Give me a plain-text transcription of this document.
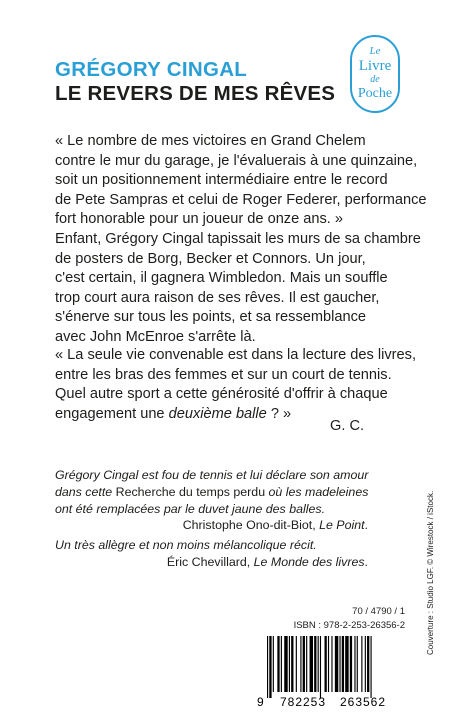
GRÉGORY CINGAL
LE REVERS DE MES RÊVES
Le
Livre
de
Poche
« Le nombre de mes victoires en Grand Chelem
contre le mur du garage, je l'évaluerais à une quinzaine,
soit un positionnement intermédiaire entre le record
de Pete Sampras et celui de Roger Federer, performance
fort honorable pour un joueur de onze ans. »
Enfant, Grégory Cingal tapissait les murs de sa chambre
de posters de Borg, Becker et Connors. Un jour,
c'est certain, il gagnera Wimbledon. Mais un souffle
trop court aura raison de ses rêves. Il est gaucher,
s'énerve sur tous les points, et sa ressemblance
avec John McEnroe s'arrête là.
« La seule vie convenable est dans la lecture des livres,
entre les bras des femmes et sur un court de tennis.
Quel autre sport a cette générosité d'offrir à chaque
engagement une deuxième balle ? »
G. C.
Grégory Cingal est fou de tennis et lui déclare son amour
dans cette Recherche du temps perdu où les madeleines
ont été remplacées par le duvet jaune des balles.
Christophe Ono-dit-Biot, Le Point.
Un très allègre et non moins mélancolique récit.
Éric Chevillard, Le Monde des livres.
70 / 4790 / 1
ISBN : 978-2-253-26356-2
9 782253 263562
Couverture : Studio LGF. © Wirestock / iStock.
